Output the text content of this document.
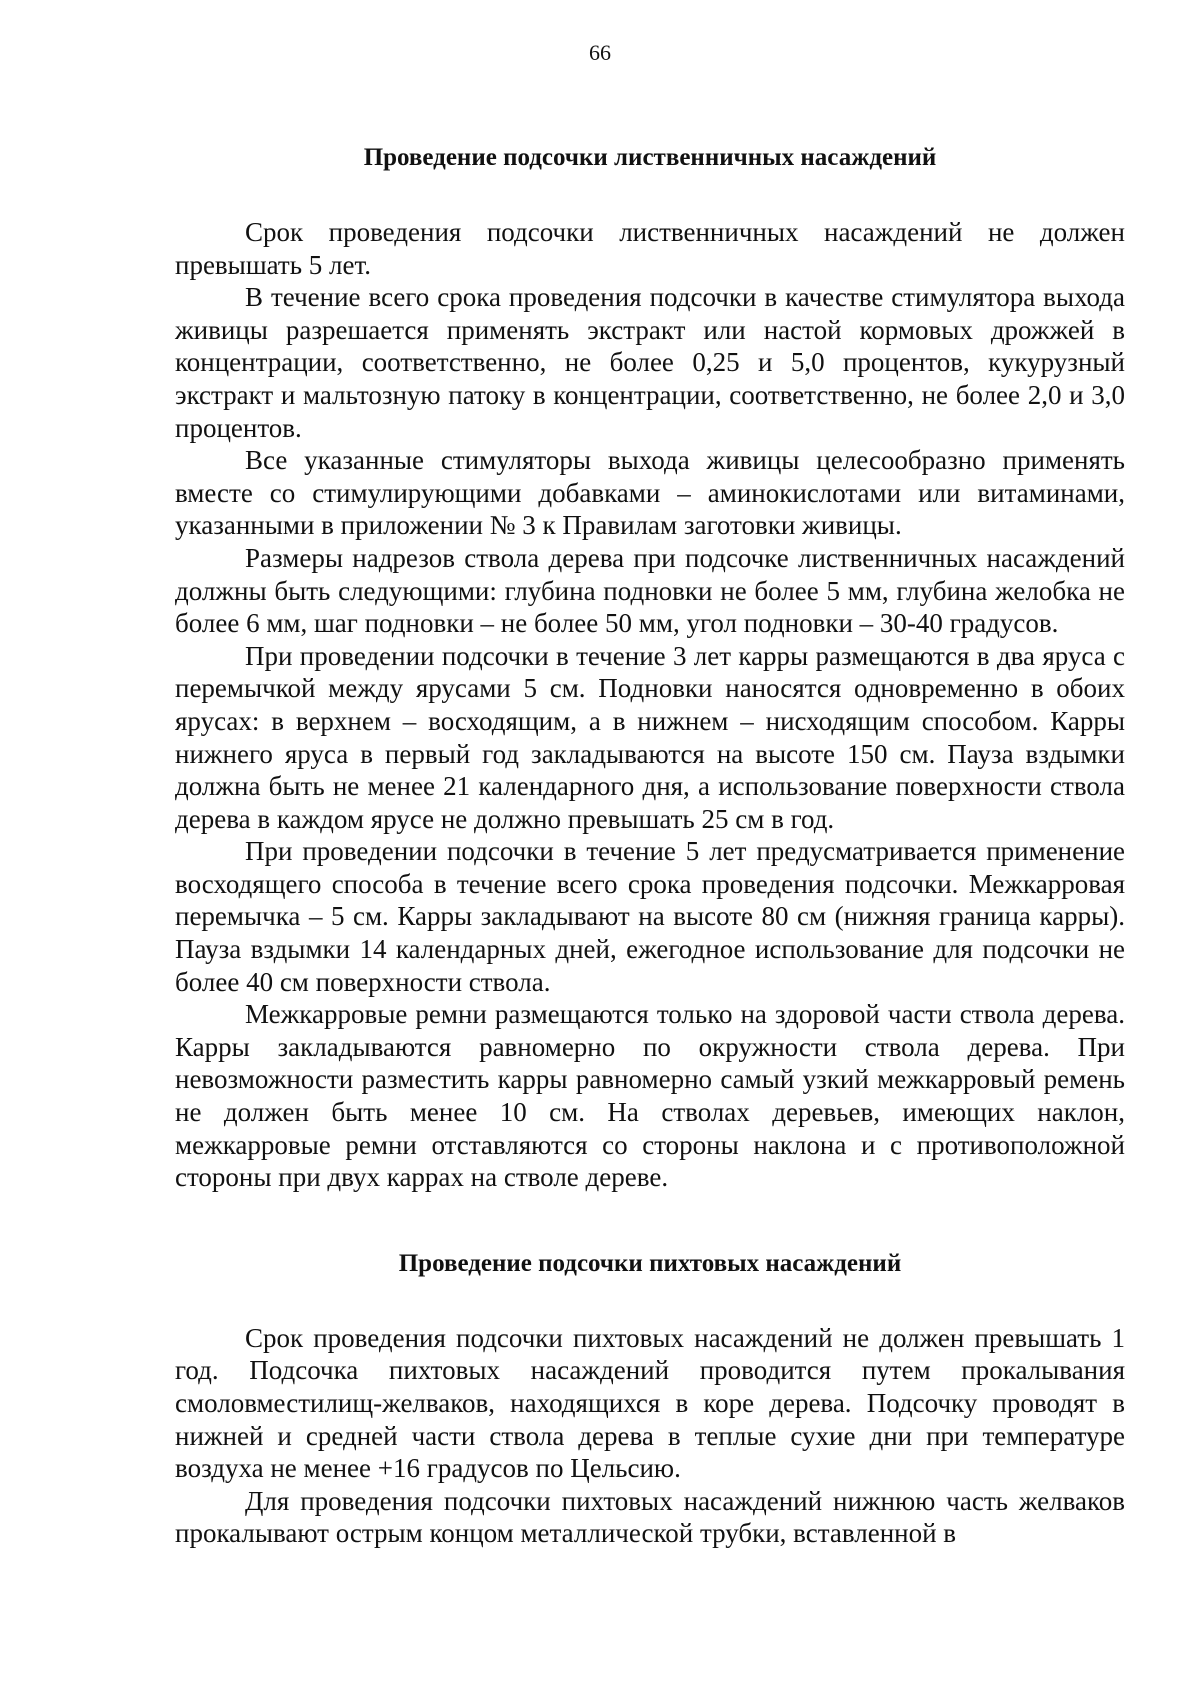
66
Проведение подсочки лиственничных насаждений

Срок проведения подсочки лиственничных насаждений не должен превышать 5 лет.

В течение всего срока проведения подсочки в качестве стимулятора выхода живицы разрешается применять экстракт или настой кормовых дрожжей в концентрации, соответственно, не более 0,25 и 5,0 процентов, кукурузный экстракт и мальтозную патоку в концентрации, соответственно, не более 2,0 и 3,0 процентов.

Все указанные стимуляторы выхода живицы целесообразно применять вместе со стимулирующими добавками – аминокислотами или витаминами, указанными в приложении № 3 к Правилам заготовки живицы.

Размеры надрезов ствола дерева при подсочке лиственничных насаждений должны быть следующими: глубина подновки не более 5 мм, глубина желобка не более 6 мм, шаг подновки – не более 50 мм, угол подновки – 30-40 градусов.

При проведении подсочки в течение 3 лет карры размещаются в два яруса с перемычкой между ярусами 5 см. Подновки наносятся одновременно в обоих ярусах: в верхнем – восходящим, а в нижнем – нисходящим способом. Карры нижнего яруса в первый год закладываются на высоте 150 см. Пауза вздымки должна быть не менее 21 календарного дня, а использование поверхности ствола дерева в каждом ярусе не должно превышать 25 см в год.

При проведении подсочки в течение 5 лет предусматривается применение восходящего способа в течение всего срока проведения подсочки. Межкарровая перемычка – 5 см. Карры закладывают на высоте 80 см (нижняя граница карры). Пауза вздымки 14 календарных дней, ежегодное использование для подсочки не более 40 см поверхности ствола.

Межкарровые ремни размещаются только на здоровой части ствола дерева. Карры закладываются равномерно по окружности ствола дерева. При невозможности разместить карры равномерно самый узкий межкарровый ремень не должен быть менее 10 см. На стволах деревьев, имеющих наклон, межкарровые ремни отставляются со стороны наклона и с противоположной стороны при двух каррах на стволе дереве.

Проведение подсочки пихтовых насаждений

Срок проведения подсочки пихтовых насаждений не должен превышать 1 год. Подсочка пихтовых насаждений проводится путем прокалывания смоловместилищ-желваков, находящихся в коре дерева. Подсочку проводят в нижней и средней части ствола дерева в теплые сухие дни при температуре воздуха не менее +16 градусов по Цельсию.

Для проведения подсочки пихтовых насаждений нижнюю часть желваков прокалывают острым концом металлической трубки, вставленной в
